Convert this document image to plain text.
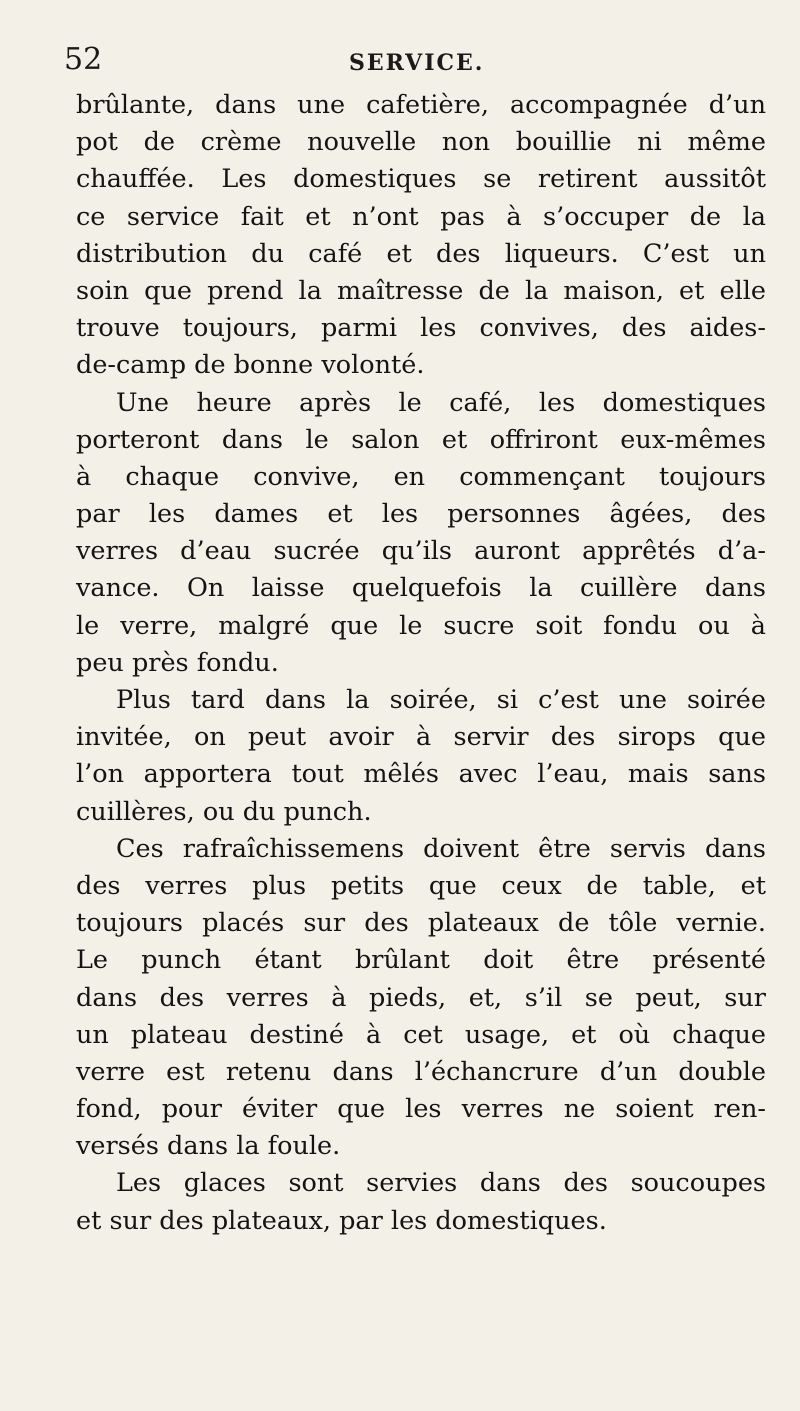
52	SERVICE.
brûlante, dans une cafetière, accompagnée d’un
pot de crème nouvelle non bouillie ni même
chauffée. Les domestiques se retirent aussitôt
ce service fait et n’ont pas à s’occuper de la
distribution du café et des liqueurs. C’est un
soin que prend la maîtresse de la maison, et elle
trouve toujours, parmi les convives, des aides-
de-camp de bonne volonté.
Une heure après le café, les domestiques
porteront dans le salon et offriront eux-mêmes
à chaque convive, en commençant toujours
par les dames et les personnes âgées, des
verres d’eau sucrée qu’ils auront apprêtés d’a-
vance. On laisse quelquefois la cuillère dans
le verre, malgré que le sucre soit fondu ou à
peu près fondu.
Plus tard dans la soirée, si c’est une soirée
invitée, on peut avoir à servir des sirops que
l’on apportera tout mêlés avec l’eau, mais sans
cuillères, ou du punch.
Ces rafraîchissemens doivent être servis dans
des verres plus petits que ceux de table, et
toujours placés sur des plateaux de tôle vernie.
Le punch étant brûlant doit être présenté
dans des verres à pieds, et, s’il se peut, sur
un plateau destiné à cet usage, et où chaque
verre est retenu dans l’échancrure d’un double
fond, pour éviter que les verres ne soient ren-
versés dans la foule.
Les glaces sont servies dans des soucoupes
et sur des plateaux, par les domestiques.
